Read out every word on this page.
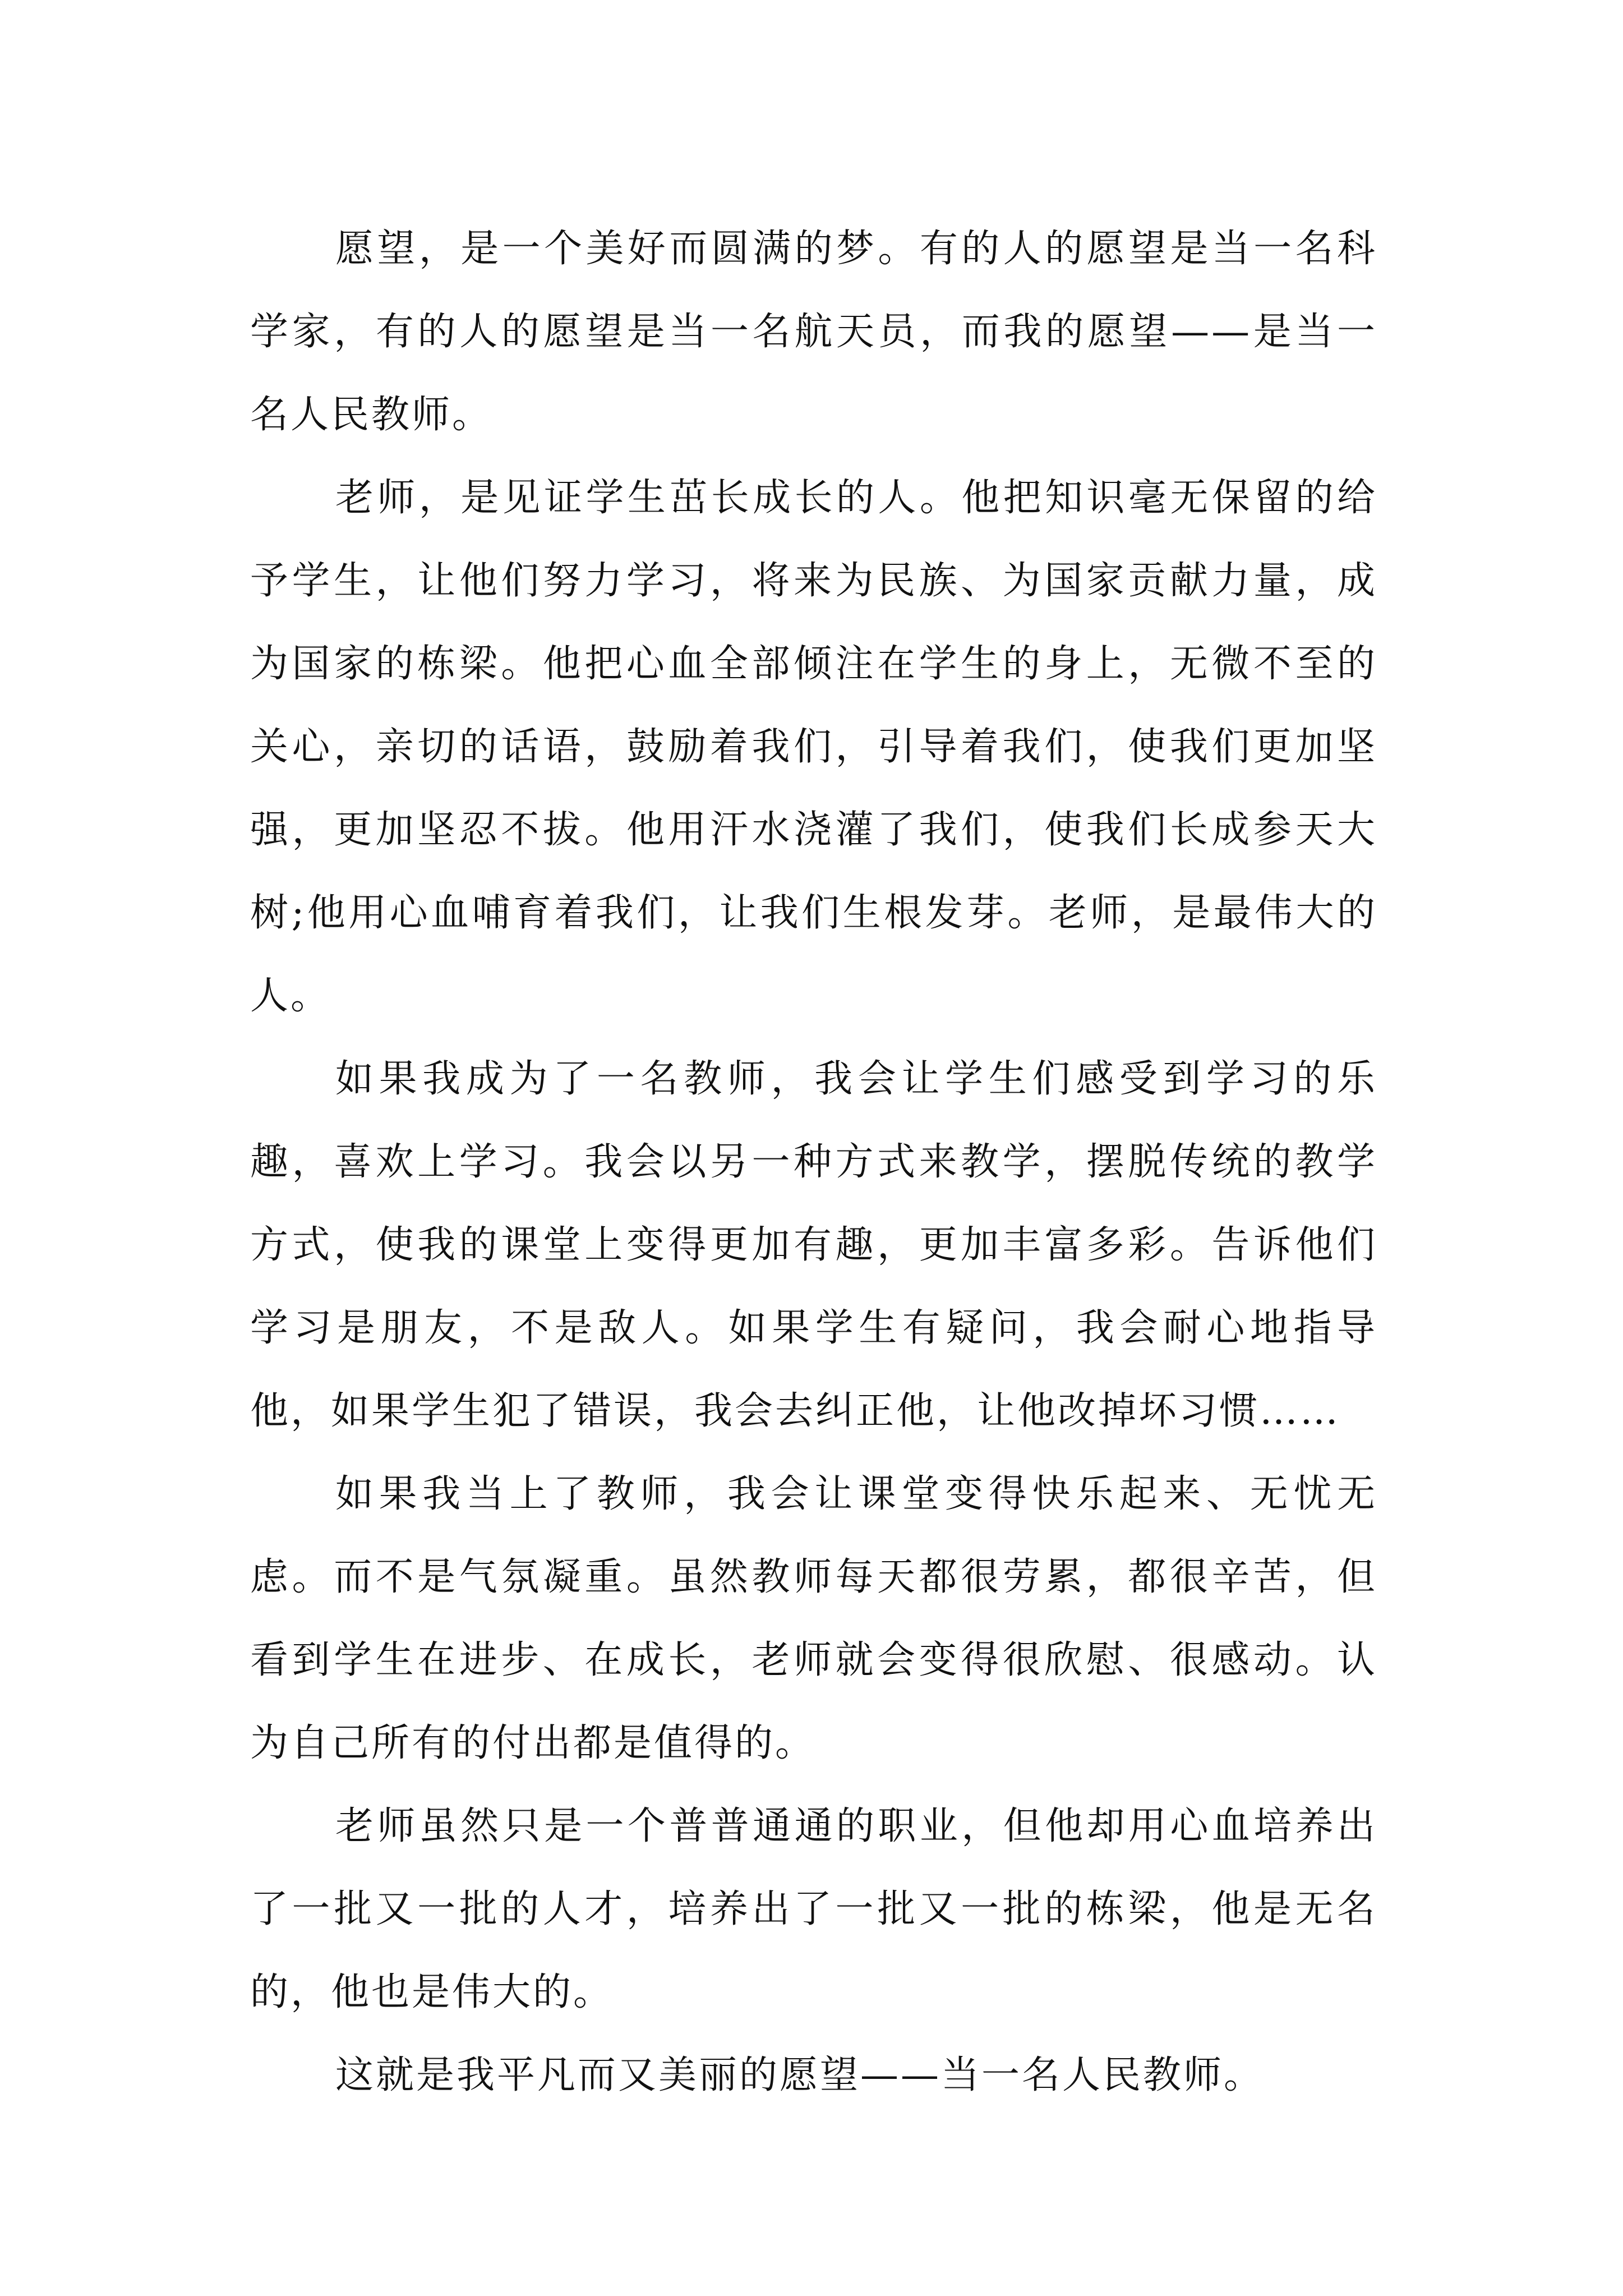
愿望，是一个美好而圆满的梦。有的人的愿望是当一名科学家，有的人的愿望是当一名航天员，而我的愿望——是当一名人民教师。

老师，是见证学生茁长成长的人。他把知识毫无保留的给予学生，让他们努力学习，将来为民族、为国家贡献力量，成为国家的栋梁。他把心血全部倾注在学生的身上，无微不至的关心，亲切的话语，鼓励着我们，引导着我们，使我们更加坚强，更加坚忍不拔。他用汗水浇灌了我们，使我们长成参天大树;他用心血哺育着我们，让我们生根发芽。老师，是最伟大的人。

如果我成为了一名教师，我会让学生们感受到学习的乐趣，喜欢上学习。我会以另一种方式来教学，摆脱传统的教学方式，使我的课堂上变得更加有趣，更加丰富多彩。告诉他们学习是朋友，不是敌人。如果学生有疑问，我会耐心地指导他，如果学生犯了错误，我会去纠正他，让他改掉坏习惯……

如果我当上了教师，我会让课堂变得快乐起来、无忧无虑。而不是气氛凝重。虽然教师每天都很劳累，都很辛苦，但看到学生在进步、在成长，老师就会变得很欣慰、很感动。认为自己所有的付出都是值得的。

老师虽然只是一个普普通通的职业，但他却用心血培养出了一批又一批的人才，培养出了一批又一批的栋梁，他是无名的，他也是伟大的。

这就是我平凡而又美丽的愿望——当一名人民教师。
